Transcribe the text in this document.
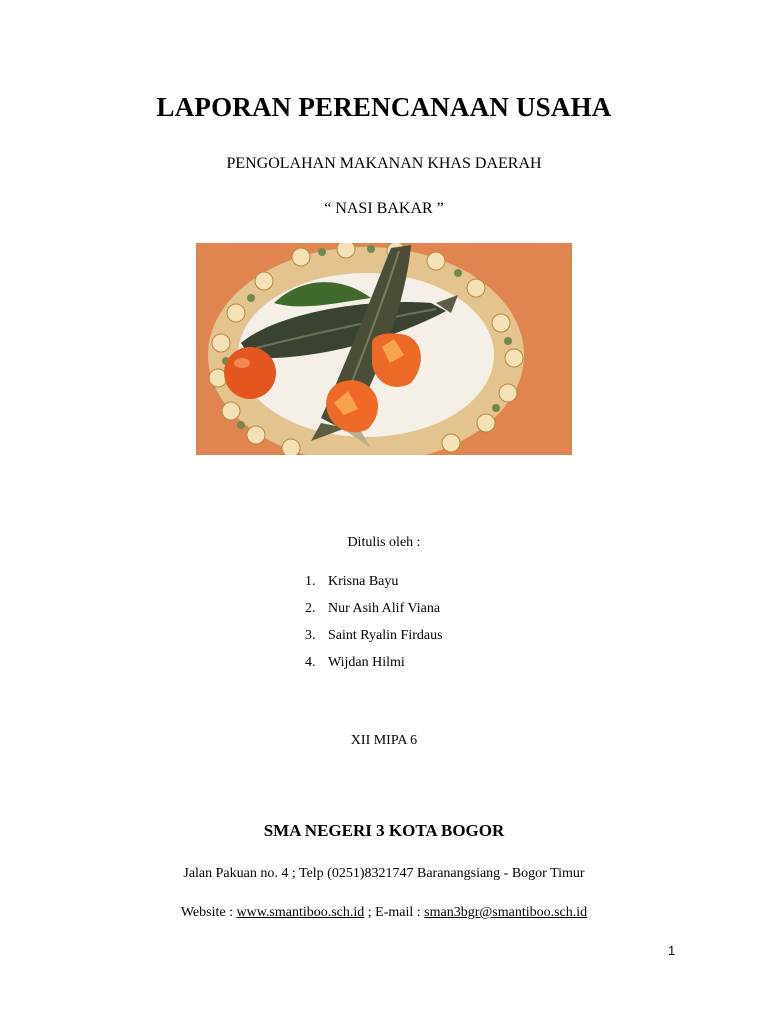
LAPORAN PERENCANAAN USAHA
PENGOLAHAN MAKANAN KHAS DAERAH
“ NASI BAKAR ”
Ditulis oleh :
1. Krisna Bayu
2. Nur Asih Alif Viana
3. Saint Ryalin Firdaus
4. Wijdan Hilmi
XII MIPA 6
SMA NEGERI 3 KOTA BOGOR
Jalan Pakuan no. 4 ; Telp (0251)8321747 Baranangsiang - Bogor Timur
Website : www.smantiboo.sch.id ; E-mail : sman3bgr@smantiboo.sch.id
1
